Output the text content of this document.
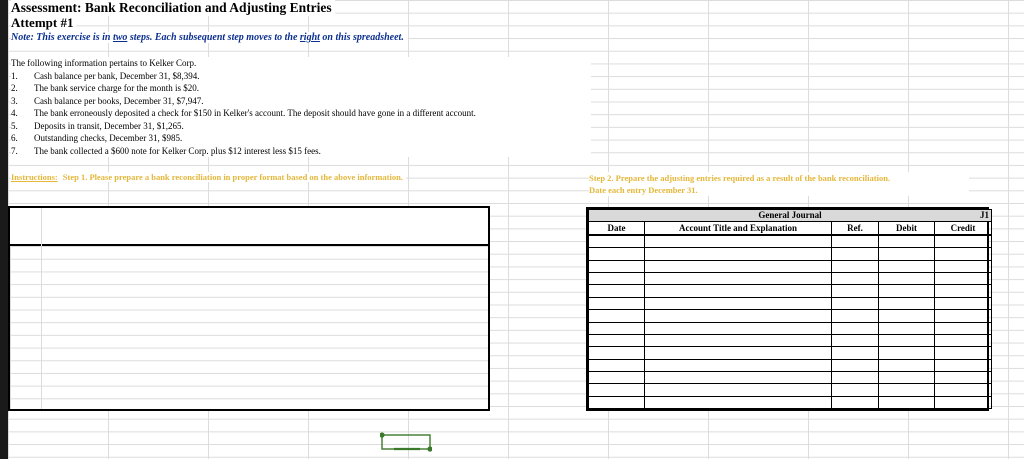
Assessment: Bank Reconciliation and Adjusting Entries
Attempt #1
Note: This exercise is in two steps. Each subsequent step moves to the right on this spreadsheet.
The following information pertains to Kelker Corp.
1.	Cash balance per bank, December 31, $8,394.
2.	The bank service charge for the month is $20.
3.	Cash balance per books, December 31, $7,947.
4.	The bank erroneously deposited a check for $150 in Kelker's account. The deposit should have gone in a different account.
5.	Deposits in transit, December 31, $1,265.
6.	Outstanding checks, December 31, $985.
7.	The bank collected a $600 note for Kelker Corp. plus $12 interest less $15 fees.
Instructions: Step 1. Please prepare a bank reconciliation in proper format based on the above information.	Step 2. Prepare the adjusting entries required as a result of the bank reconciliation.
Date each entry December 31.
General Journal J1				

Date	Account Title and Explanation	Ref.	Debit	Credit
